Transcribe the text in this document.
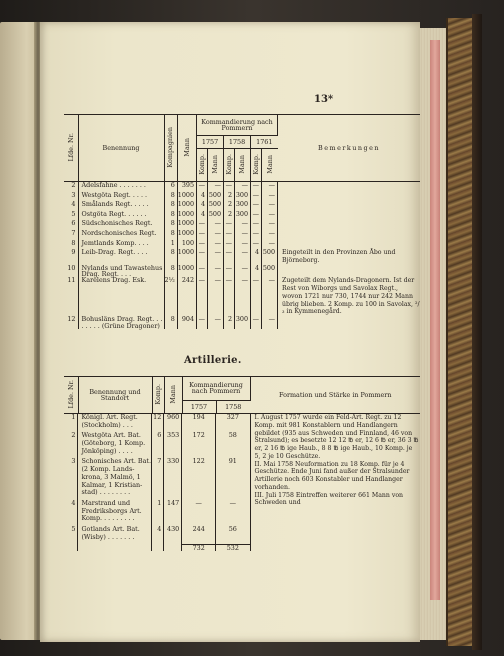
13*
Lfde. Nr.	Benennung	Kompagnien	Mann	Kommandierung nach Pommern						Bemerkungen
				1757		1758		1761		
				Komp.	Mann	Komp.	Mann	Komp.	Mann	
2	Adelsfahne . . . . . . .	6	395	—	—	—	—	—	—	
3	Westgöta Regt. . . . .	8	1000	4	500	2	300	—	—	
4	Smålands Regt. . . . .	8	1000	4	500	2	300	—	—	
5	Ostgöta Regt. . . . . .	8	1000	4	500	2	300	—	—	
6	Südschonisches Regt.	8	1000	—	—	—	—	—	—	
7	Nordschonisches Regt.	8	1000	—	—	—	—	—	—	
8	Jemtlands Komp. . . .	1	100	—	—	—	—	—	—	
9	Leib-Drag. Regt. . . .	8	1000	—	—	—	—	4	500	Eingeteilt in den Provinzen Åbo und Björneborg.
10	Nylands und Tawastehus Drag. Regt. . . .	8	1000	—	—	—	—	4	500	
11	Karelens Drag. Esk.	2½	242	—	—	—	—	—	—	Zugeteilt dem Nylands-Dragonern. Ist der Rest von Wiborgs und Savolax Regt., wovon 1721 nur 730, 1744 nur 242 Mann übrig blieben. 2 Komp. zu 100 in Savolax, ²/₃ in Kymmenegård.
12	Bohusläns Drag. Regt. . . . . . . . (Grüne Dragoner)	8	904	—	—	2	300	—	—	
Artillerie.
Lfde. Nr.	Benennung und Standort	Komp.	Mann	Kommandierung nach Pommern	Formation und Stärke in Pommern
1757	1758

1	Königl. Art. Regt. (Stockholm) . . .	12	960	194	327
2	Westgöta Art. Bat. (Göteborg, 1 Komp. Jönköping) . . . .	6	353	172	58
3	Schonisches Art. Bat. (2 Komp. Lands-krona, 3 Malmö, 1 Kalmar, 1 Kristian-stad) . . . . . . . .	7	330	122	91
4	Marstrand und Fredriksborgs Art. Komp. . . . . . . . .	1	147	—	—
5	Gotlands Art. Bat. (Wisby) . . . . . . .	4	430	244	56
				732	532

I. August 1757 wurde ein Feld-Art. Regt. zu 12 Komp. mit 981 Konstablern und Handlangern gebildet (935 aus Schweden und Finnland, 46 von Stralsund); es besetzte 12 12 ℔ er, 12 6 ℔ er, 36 3 ℔ er, 2 16 ℔ ige Haub., 8 8 ℔ ige Haub., 10 Komp. je 5, 2 je 10 Geschütze.
II. Mai 1758 Neuformation zu 18 Komp. für je 4 Geschütze. Ende Juni fand außer der Stralsunder Artillerie noch 603 Konstabler und Handlanger vorhanden.
III. Juli 1758 Eintreffen weiterer 661 Mann von Schweden und
